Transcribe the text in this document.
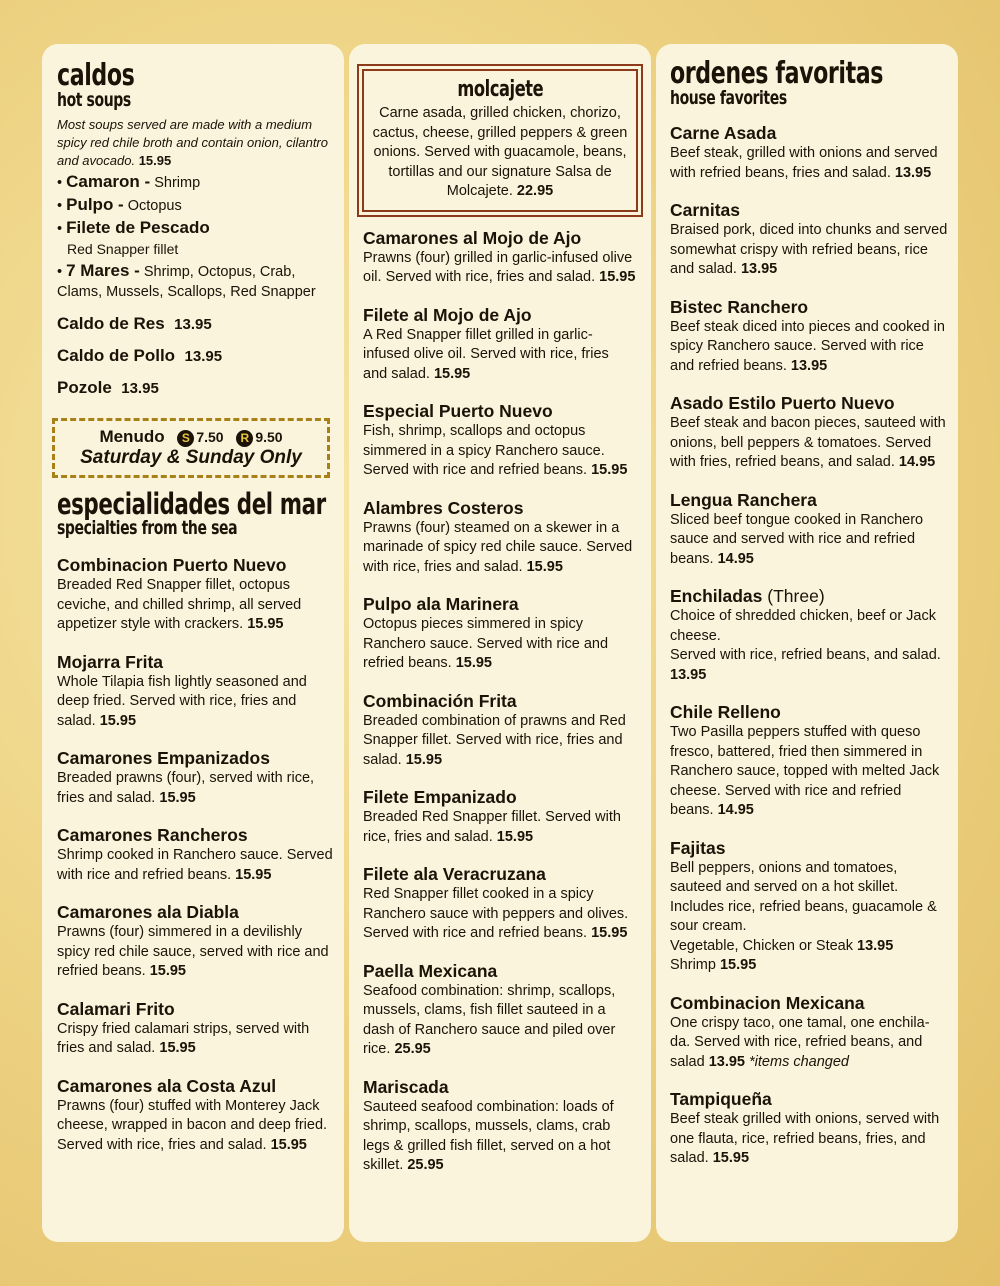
caldos
hot soups
Most soups served are made with a medium spicy red chile broth and contain onion, cilantro and avocado. 15.95
• Camaron - Shrimp
• Pulpo - Octopus
• Filete de Pescado
Red Snapper fillet
• 7 Mares - Shrimp, Octopus, Crab, Clams, Mussels, Scallops, Red Snapper
Caldo de Res 13.95
Caldo de Pollo 13.95
Pozole 13.95
Menudo S 7.50 R 9.50
Saturday & Sunday Only
especialidades del mar
specialties from the sea
Combinacion Puerto Nuevo

Breaded Red Snapper fillet, octopus ceviche, and chilled shrimp, all served appetizer style with crackers. 15.95

Mojarra Frita

Whole Tilapia fish lightly seasoned and deep fried. Served with rice, fries and salad. 15.95

Camarones Empanizados

Breaded prawns (four), served with rice, fries and salad. 15.95

Camarones Rancheros

Shrimp cooked in Ranchero sauce. Served with rice and refried beans. 15.95

Camarones ala Diabla

Prawns (four) simmered in a devilishly spicy red chile sauce, served with rice and refried beans. 15.95

Calamari Frito

Crispy fried calamari strips, served with fries and salad. 15.95

Camarones ala Costa Azul

Prawns (four) stuffed with Monterey Jack cheese, wrapped in bacon and deep fried. Served with rice, fries and salad. 15.95

molcajete

Carne asada, grilled chicken, chorizo, cactus, cheese, grilled peppers & green onions. Served with guacamole, beans, tortillas and our signature Salsa de Molcajete. 22.95

Camarones al Mojo de Ajo

Prawns (four) grilled in garlic-infused olive oil. Served with rice, fries and salad. 15.95

Filete al Mojo de Ajo

A Red Snapper fillet grilled in garlic-infused olive oil. Served with rice, fries and salad. 15.95

Especial Puerto Nuevo

Fish, shrimp, scallops and octopus simmered in a spicy Ranchero sauce. Served with rice and refried beans. 15.95

Alambres Costeros

Prawns (four) steamed on a skewer in a marinade of spicy red chile sauce. Served with rice, fries and salad. 15.95

Pulpo ala Marinera

Octopus pieces simmered in spicy Ranchero sauce. Served with rice and refried beans. 15.95

Combinación Frita

Breaded combination of prawns and Red Snapper fillet. Served with rice, fries and salad. 15.95

Filete Empanizado

Breaded Red Snapper fillet. Served with rice, fries and salad. 15.95

Filete ala Veracruzana

Red Snapper fillet cooked in a spicy Ranchero sauce with peppers and olives. Served with rice and refried beans. 15.95

Paella Mexicana

Seafood combination: shrimp, scallops, mussels, clams, fish fillet sauteed in a dash of Ranchero sauce and piled over rice. 25.95

Mariscada

Sauteed seafood combination: loads of shrimp, scallops, mussels, clams, crab legs & grilled fish fillet, served on a hot skillet. 25.95

ordenes favoritas
house favorites
Carne Asada

Beef steak, grilled with onions and served with refried beans, fries and salad. 13.95

Carnitas

Braised pork, diced into chunks and served somewhat crispy with refried beans, rice and salad. 13.95

Bistec Ranchero

Beef steak diced into pieces and cooked in spicy Ranchero sauce. Served with rice and refried beans. 13.95

Asado Estilo Puerto Nuevo

Beef steak and bacon pieces, sauteed with onions, bell peppers & tomatoes. Served with fries, refried beans, and salad. 14.95

Lengua Ranchera

Sliced beef tongue cooked in Ranchero sauce and served with rice and refried beans. 14.95

Enchiladas (Three)

Choice of shredded chicken, beef or Jack cheese.
Served with rice, refried beans, and salad. 13.95

Chile Relleno

Two Pasilla peppers stuffed with queso fresco, battered, fried then simmered in Ranchero sauce, topped with melted Jack cheese. Served with rice and refried beans. 14.95

Fajitas

Bell peppers, onions and tomatoes, sauteed and served on a hot skillet. Includes rice, refried beans, guacamole & sour cream.
Vegetable, Chicken or Steak 13.95
Shrimp 15.95

Combinacion Mexicana

One crispy taco, one tamal, one enchila-da. Served with rice, refried beans, and salad 13.95 *items changed

Tampiqueña

Beef steak grilled with onions, served with one flauta, rice, refried beans, fries, and salad. 15.95
